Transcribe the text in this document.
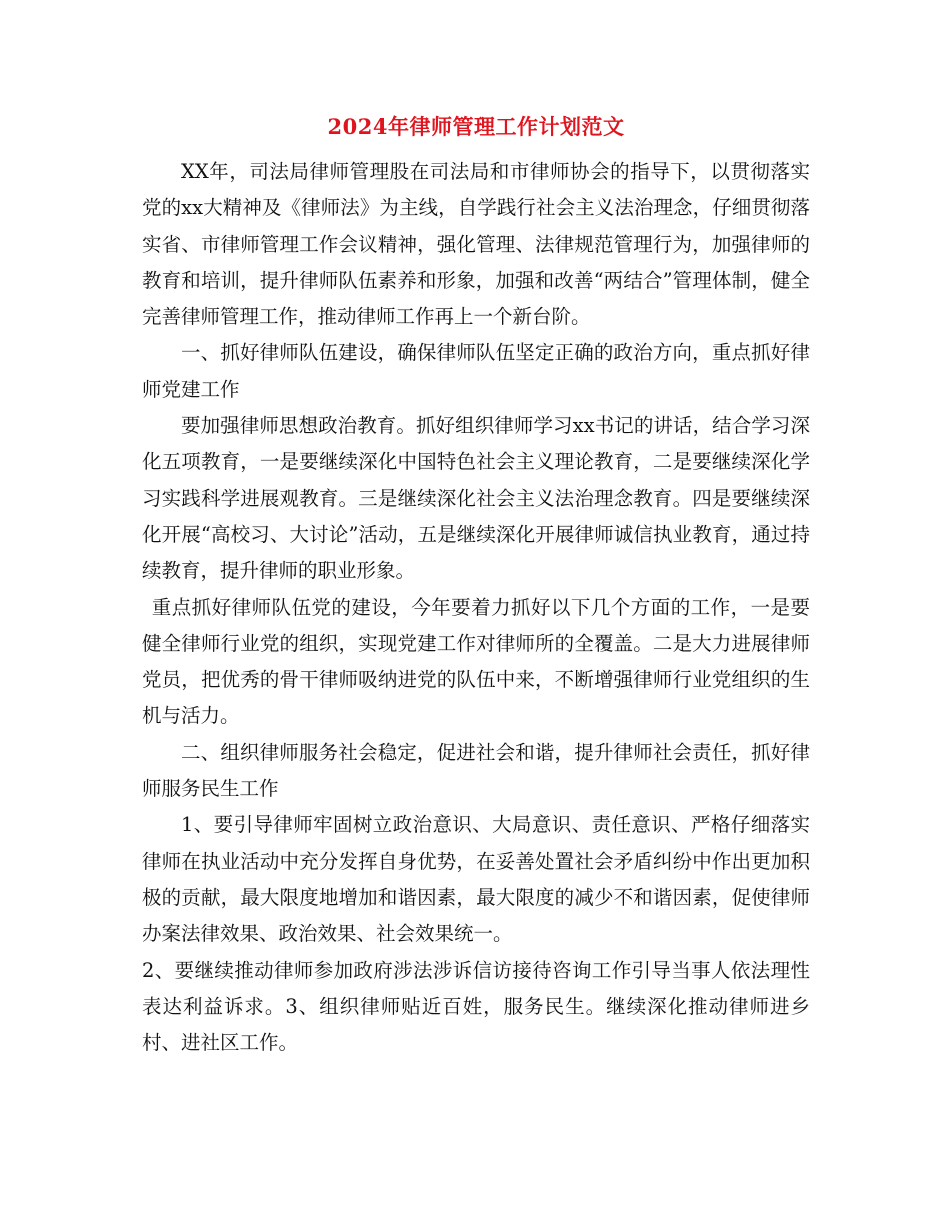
2024年律师管理工作计划范文

XX年，司法局律师管理股在司法局和市律师协会的指导下，以贯彻落实党的xx大精神及《律师法》为主线，自学践行社会主义法治理念，仔细贯彻落实省、市律师管理工作会议精神，强化管理、法律规范管理行为，加强律师的教育和培训，提升律师队伍素养和形象，加强和改善“两结合”管理体制，健全完善律师管理工作，推动律师工作再上一个新台阶。

一、抓好律师队伍建设，确保律师队伍坚定正确的政治方向，重点抓好律师党建工作

要加强律师思想政治教育。抓好组织律师学习xx书记的讲话，结合学习深化五项教育，一是要继续深化中国特色社会主义理论教育，二是要继续深化学习实践科学进展观教育。三是继续深化社会主义法治理念教育。四是要继续深化开展“高校习、大讨论”活动，五是继续深化开展律师诚信执业教育，通过持续教育，提升律师的职业形象。

重点抓好律师队伍党的建设，今年要着力抓好以下几个方面的工作，一是要健全律师行业党的组织，实现党建工作对律师所的全覆盖。二是大力进展律师党员，把优秀的骨干律师吸纳进党的队伍中来，不断增强律师行业党组织的生机与活力。

二、组织律师服务社会稳定，促进社会和谐，提升律师社会责任，抓好律师服务民生工作

1、要引导律师牢固树立政治意识、大局意识、责任意识、严格仔细落实律师在执业活动中充分发挥自身优势，在妥善处置社会矛盾纠纷中作出更加积极的贡献，最大限度地增加和谐因素，最大限度的减少不和谐因素，促使律师办案法律效果、政治效果、社会效果统一。

2、要继续推动律师参加政府涉法涉诉信访接待咨询工作引导当事人依法理性表达利益诉求。3、组织律师贴近百姓，服务民生。继续深化推动律师进乡村、进社区工作。
